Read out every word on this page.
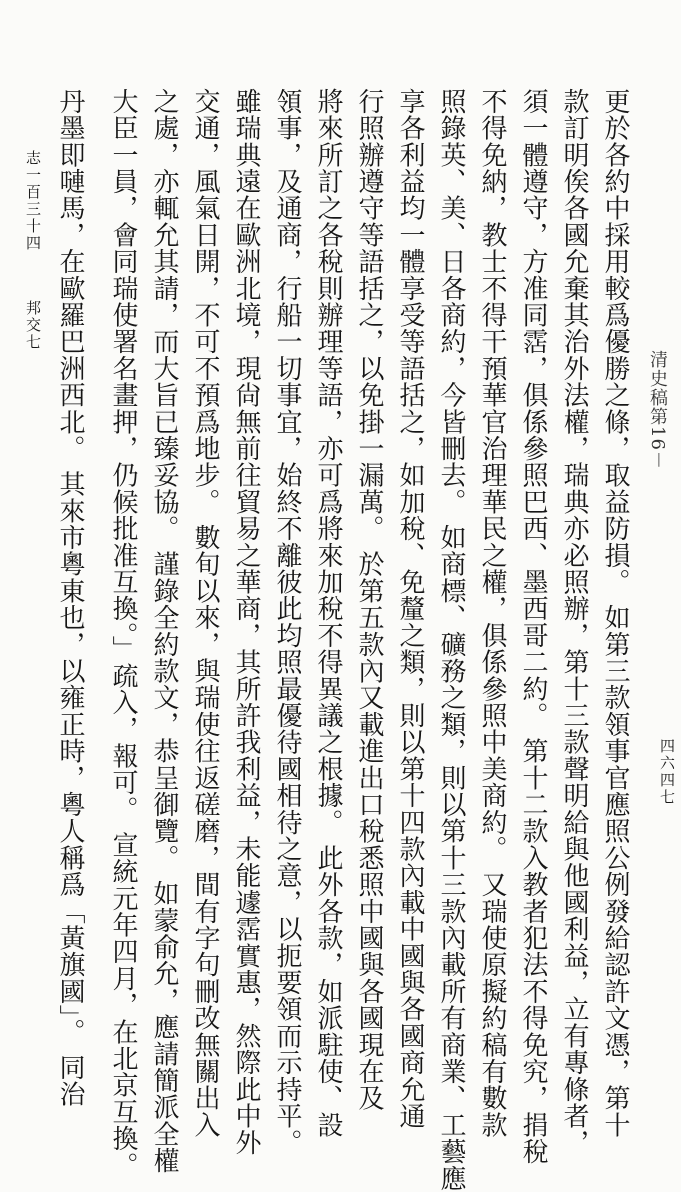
清史稿第16－
更於各約中採用較爲優勝之條，取益防損。 如第三款領事官應照公例發給認許文憑，第十
款訂明俟各國允棄其治外法權，瑞典亦必照辦，第十三款聲明給與他國利益，立有專條者，
須一體遵守，方准同霑，俱係參照巴西、墨西哥二約。 第十二款入教者犯法不得免究，捐稅
不得免納，教士不得干預華官治理華民之權，俱係參照中美商約。 又瑞使原擬約稿有數款
照錄英、美、日各商約，今皆刪去。 如商標、礦務之類，則以第十三款內載所有商業、工藝應
享各利益均一體享受等語括之，如加稅、免釐之類，則以第十四款內載中國與各國商允通
行照辦遵守等語括之，以免掛一漏萬。 於第五款內又載進出口稅悉照中國與各國現在及
將來所訂之各稅則辦理等語，亦可爲將來加稅不得異議之根據。 此外各款，如派駐使、設
領事，及通商，行船一切事宜，始終不離彼此均照最優待國相待之意，以扼要領而示持平。
雖瑞典遠在歐洲北境，現尙無前往貿易之華商，其所許我利益，未能遽霑實惠，然際此中外
交通，風氣日開，不可不預爲地步。 數旬以來，與瑞使往返磋磨，間有字句刪改無關出入
之處，亦輒允其請，而大旨已臻妥協。 謹錄全約款文，恭呈御覽。 如蒙俞允，應請簡派全權
大臣一員，會同瑞使署名畫押，仍候批准互換。」疏入，報可。 宣統元年四月，在北京互換。
丹墨即嗹馬，在歐羅巴洲西北。 其來市粵東也，以雍正時，粵人稱爲「黃旗國」。 同治	四六四七
志一百三十四
邦交七
